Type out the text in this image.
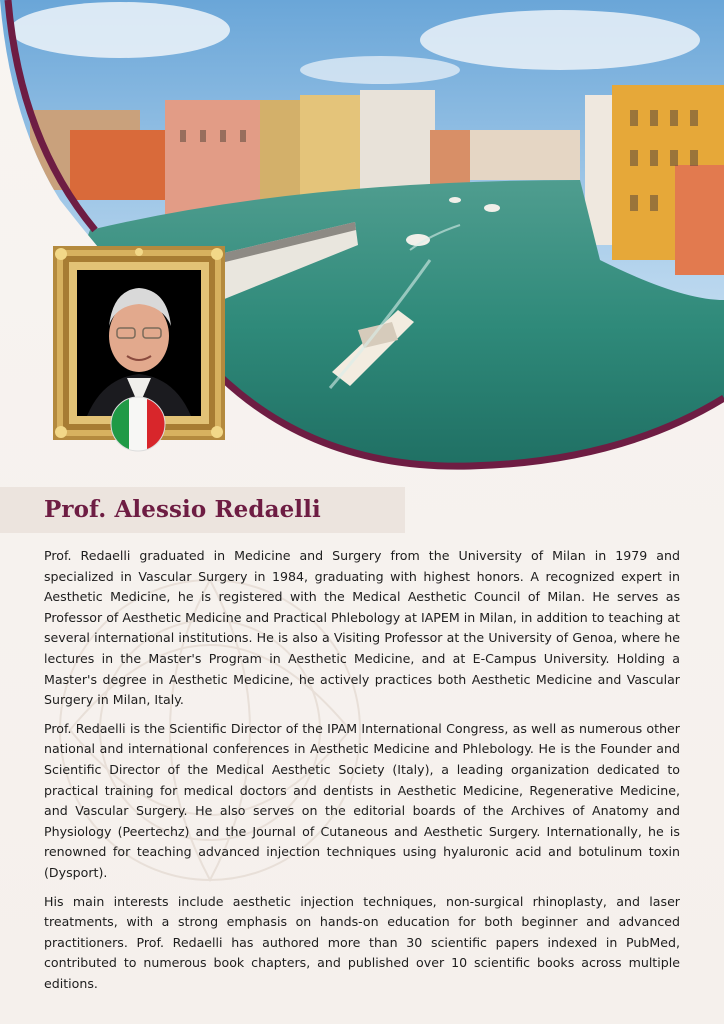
Prof. Alessio Redaelli

Prof. Redaelli graduated in Medicine and Surgery from the University of Milan in 1979 and specialized in Vascular Surgery in 1984, graduating with highest honors. A recognized expert in Aesthetic Medicine, he is registered with the Medical Aesthetic Council of Milan. He serves as Professor of Aesthetic Medicine and Practical Phlebology at IAPEM in Milan, in addition to teaching at several international institutions. He is also a Visiting Professor at the University of Genoa, where he lectures in the Master's Program in Aesthetic Medicine, and at E-Campus University. Holding a Master's degree in Aesthetic Medicine, he actively practices both Aesthetic Medicine and Vascular Surgery in Milan, Italy.

Prof. Redaelli is the Scientific Director of the IPAM International Congress, as well as numerous other national and international conferences in Aesthetic Medicine and Phlebology. He is the Founder and Scientific Director of the Medical Aesthetic Society (Italy), a leading organization dedicated to practical training for medical doctors and dentists in Aesthetic Medicine, Regenerative Medicine, and Vascular Surgery. He also serves on the editorial boards of the Archives of Anatomy and Physiology (Peertechz) and the Journal of Cutaneous and Aesthetic Surgery. Internationally, he is renowned for teaching advanced injection techniques using hyaluronic acid and botulinum toxin (Dysport).

His main interests include aesthetic injection techniques, non-surgical rhinoplasty, and laser treatments, with a strong emphasis on hands-on education for both beginner and advanced practitioners. Prof. Redaelli has authored more than 30 scientific papers indexed in PubMed, contributed to numerous book chapters, and published over 10 scientific books across multiple editions.
